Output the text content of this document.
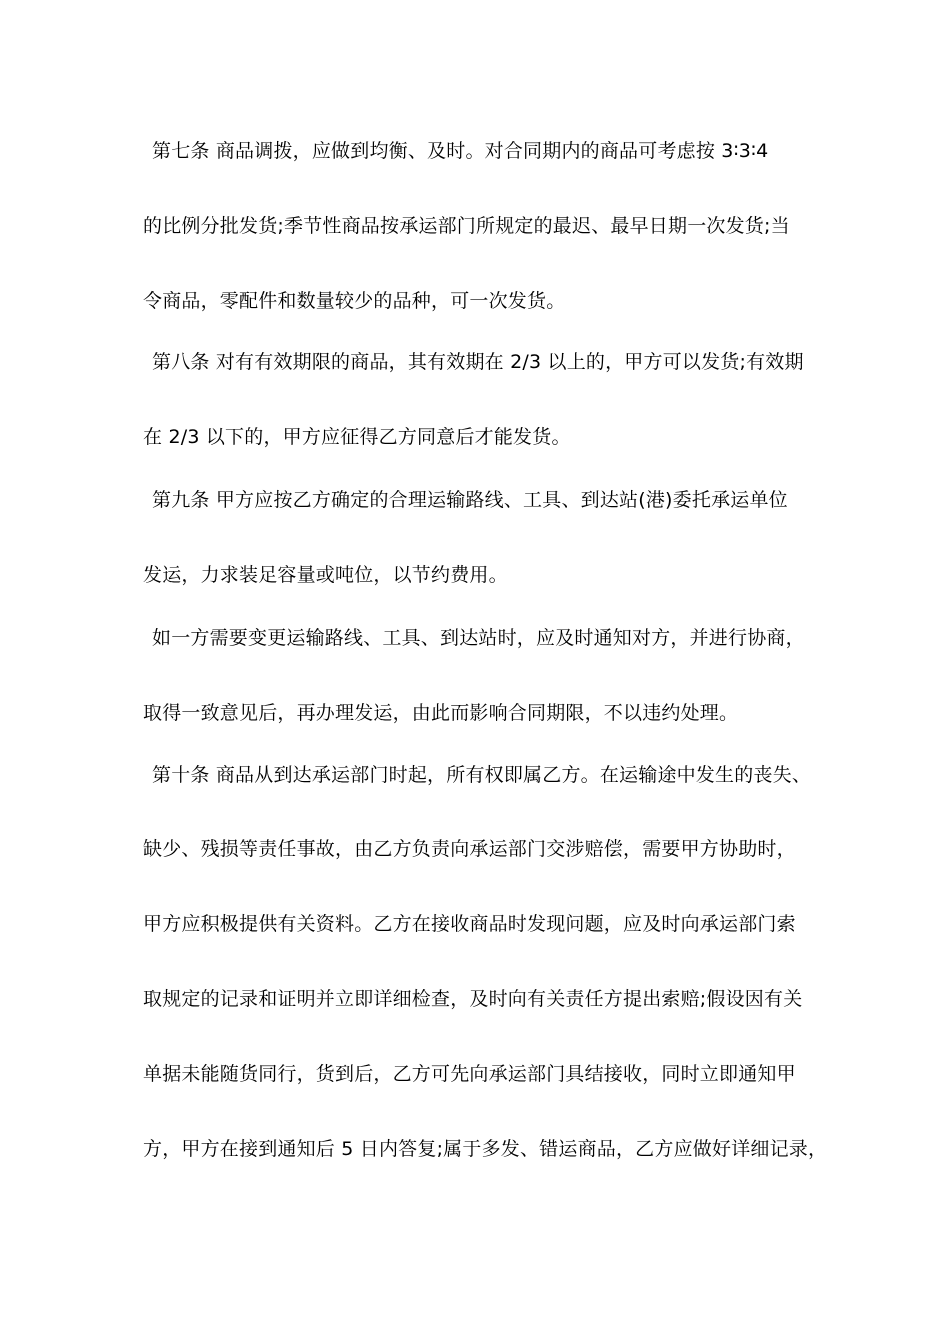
第七条 商品调拨，应做到均衡、及时。对合同期内的商品可考虑按 3∶3∶4
的比例分批发货;季节性商品按承运部门所规定的最迟、最早日期一次发货;当
令商品，零配件和数量较少的品种，可一次发货。
第八条 对有有效期限的商品，其有效期在 2/3 以上的，甲方可以发货;有效期
在 2/3 以下的，甲方应征得乙方同意后才能发货。
第九条 甲方应按乙方确定的合理运输路线、工具、到达站(港)委托承运单位
发运，力求装足容量或吨位，以节约费用。
如一方需要变更运输路线、工具、到达站时，应及时通知对方，并进行协商，
取得一致意见后，再办理发运，由此而影响合同期限，不以违约处理。
第十条 商品从到达承运部门时起，所有权即属乙方。在运输途中发生的丧失、
缺少、残损等责任事故，由乙方负责向承运部门交涉赔偿，需要甲方协助时，
甲方应积极提供有关资料。乙方在接收商品时发现问题，应及时向承运部门索
取规定的记录和证明并立即详细检查，及时向有关责任方提出索赔;假设因有关
单据未能随货同行，货到后，乙方可先向承运部门具结接收，同时立即通知甲
方，甲方在接到通知后 5 日内答复;属于多发、错运商品，乙方应做好详细记录，
